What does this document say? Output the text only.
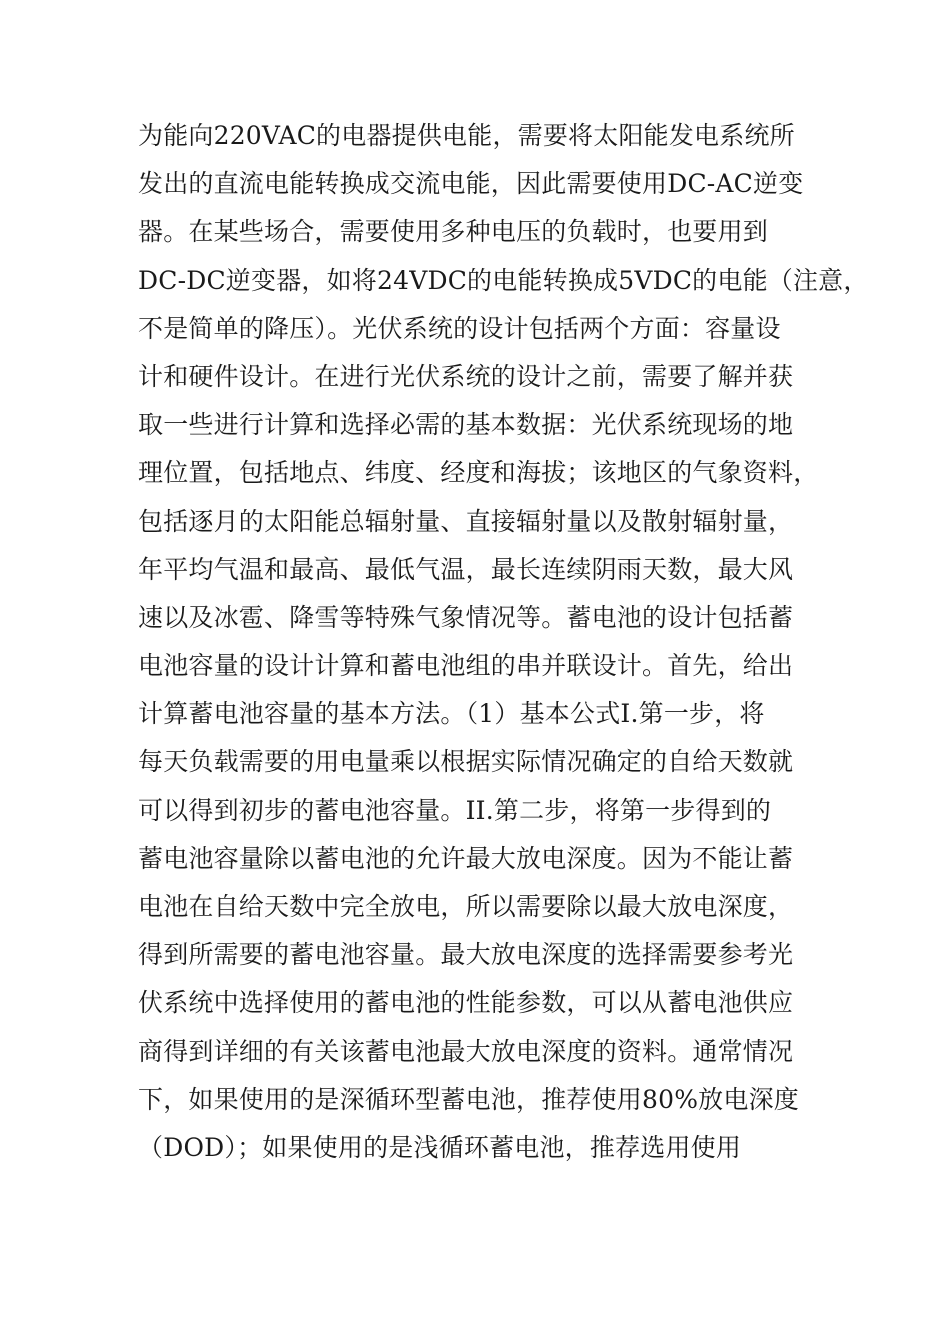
为能向220VAC的电器提供电能，需要将太阳能发电系统所
发出的直流电能转换成交流电能，因此需要使用DC-AC逆变
器。在某些场合，需要使用多种电压的负载时，也要用到
DC-DC逆变器，如将24VDC的电能转换成5VDC的电能（注意，
不是简单的降压）。光伏系统的设计包括两个方面：容量设
计和硬件设计。在进行光伏系统的设计之前，需要了解并获
取一些进行计算和选择必需的基本数据：光伏系统现场的地
理位置，包括地点、纬度、经度和海拔；该地区的气象资料，
包括逐月的太阳能总辐射量、直接辐射量以及散射辐射量，
年平均气温和最高、最低气温，最长连续阴雨天数，最大风
速以及冰雹、降雪等特殊气象情况等。蓄电池的设计包括蓄
电池容量的设计计算和蓄电池组的串并联设计。首先，给出
计算蓄电池容量的基本方法。（1）基本公式I.第一步，将
每天负载需要的用电量乘以根据实际情况确定的自给天数就
可以得到初步的蓄电池容量。II.第二步，将第一步得到的
蓄电池容量除以蓄电池的允许最大放电深度。因为不能让蓄
电池在自给天数中完全放电，所以需要除以最大放电深度，
得到所需要的蓄电池容量。最大放电深度的选择需要参考光
伏系统中选择使用的蓄电池的性能参数，可以从蓄电池供应
商得到详细的有关该蓄电池最大放电深度的资料。通常情况
下，如果使用的是深循环型蓄电池，推荐使用80%放电深度
（DOD）；如果使用的是浅循环蓄电池，推荐选用使用
